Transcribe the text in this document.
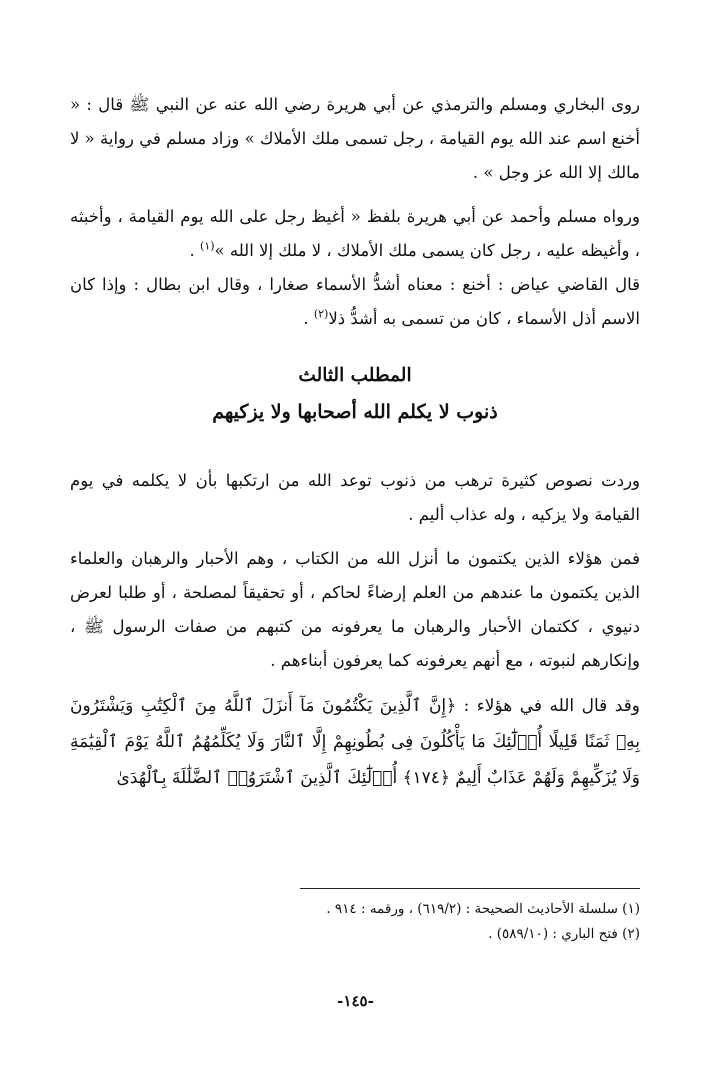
روى البخاري ومسلم والترمذي عن أبي هريرة رضي الله عنه عن النبي ﷺ قال : « أخنع اسم عند الله يوم القيامة ، رجل تسمى ملك الأملاك » وزاد مسلم في رواية « لا مالك إلا الله عز وجل » .

ورواه مسلم وأحمد عن أبي هريرة بلفظ « أغيظ رجل على الله يوم القيامة ، وأخبثه ، وأغيظه عليه ، رجل كان يسمى ملك الأملاك ، لا ملك إلا الله »$^{(١)}$ .

قال القاضي عياض : أخنع : معناه أشدُّ الأسماء صغارا ، وقال ابن بطال : وإذا كان الاسم أذل الأسماء ، كان من تسمى به أشدُّ ذلا$^{(٢)}$ .

المطلب الثالث
ذنوب لا يكلم الله أصحابها ولا يزكيهم

وردت نصوص كثيرة ترهب من ذنوب توعد الله من ارتكبها بأن لا يكلمه في يوم القيامة ولا يزكيه ، وله عذاب أليم .

فمن هؤلاء الذين يكتمون ما أنزل الله من الكتاب ، وهم الأحبار والرهبان والعلماء الذين يكتمون ما عندهم من العلم إرضاءً لحاكم ، أو تحقيقاً لمصلحة ، أو طلبا لعرض دنيوي ، ككتمان الأحبار والرهبان ما يعرفونه من كتبهم من صفات الرسول ﷺ ، وإنكارهم لنبوته ، مع أنهم يعرفونه كما يعرفون أبناءهم .

وقد قال الله في هؤلاء : ﴿إِنَّ ٱلَّذِينَ يَكْتُمُونَ مَآ أَنزَلَ ٱللَّهُ مِنَ ٱلْكِتَٰبِ وَيَشْتَرُونَ بِهِۦ ثَمَنًا قَلِيلًا أُو۟لَٰٓئِكَ مَا يَأْكُلُونَ فِى بُطُونِهِمْ إِلَّا ٱلنَّارَ وَلَا يُكَلِّمُهُمُ ٱللَّهُ يَوْمَ ٱلْقِيَٰمَةِ وَلَا يُزَكِّيهِمْ وَلَهُمْ عَذَابٌ أَلِيمٌ ﴿١٧٤﴾ أُو۟لَٰٓئِكَ ٱلَّذِينَ ٱشْتَرَوُا۟ ٱلضَّلَٰلَةَ بِٱلْهُدَىٰ

(١) سلسلة الأحاديث الصحيحة : (٦١٩/٢) ، ورقمه : ٩١٤ .

(٢) فتح الباري : (٥٨٩/١٠) .

-١٤٥-
